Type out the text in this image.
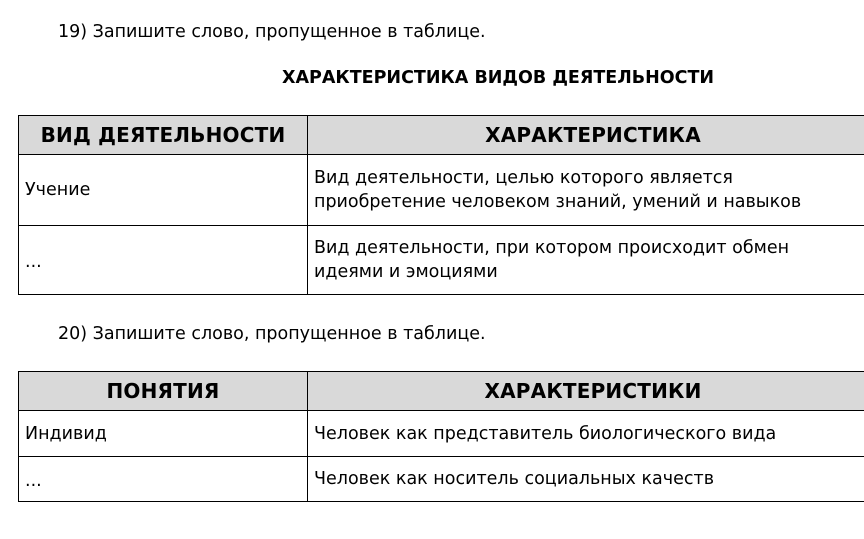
19) Запишите слово, пропущенное в таблице.
ХАРАКТЕРИСТИКА ВИДОВ ДЕЯТЕЛЬНОСТИ
ВИД ДЕЯТЕЛЬНОСТИ	ХАРАКТЕРИСТИКА
Учение	Вид деятельности, целью которого является
приобретение человеком знаний, умений и навыков

...	Вид деятельности, при котором происходит обмен
идеями и эмоциями
20) Запишите слово, пропущенное в таблице.
ПОНЯТИЯ	ХАРАКТЕРИСТИКИ
Индивид	Человек как представитель биологического вида
...	Человек как носитель социальных качеств
